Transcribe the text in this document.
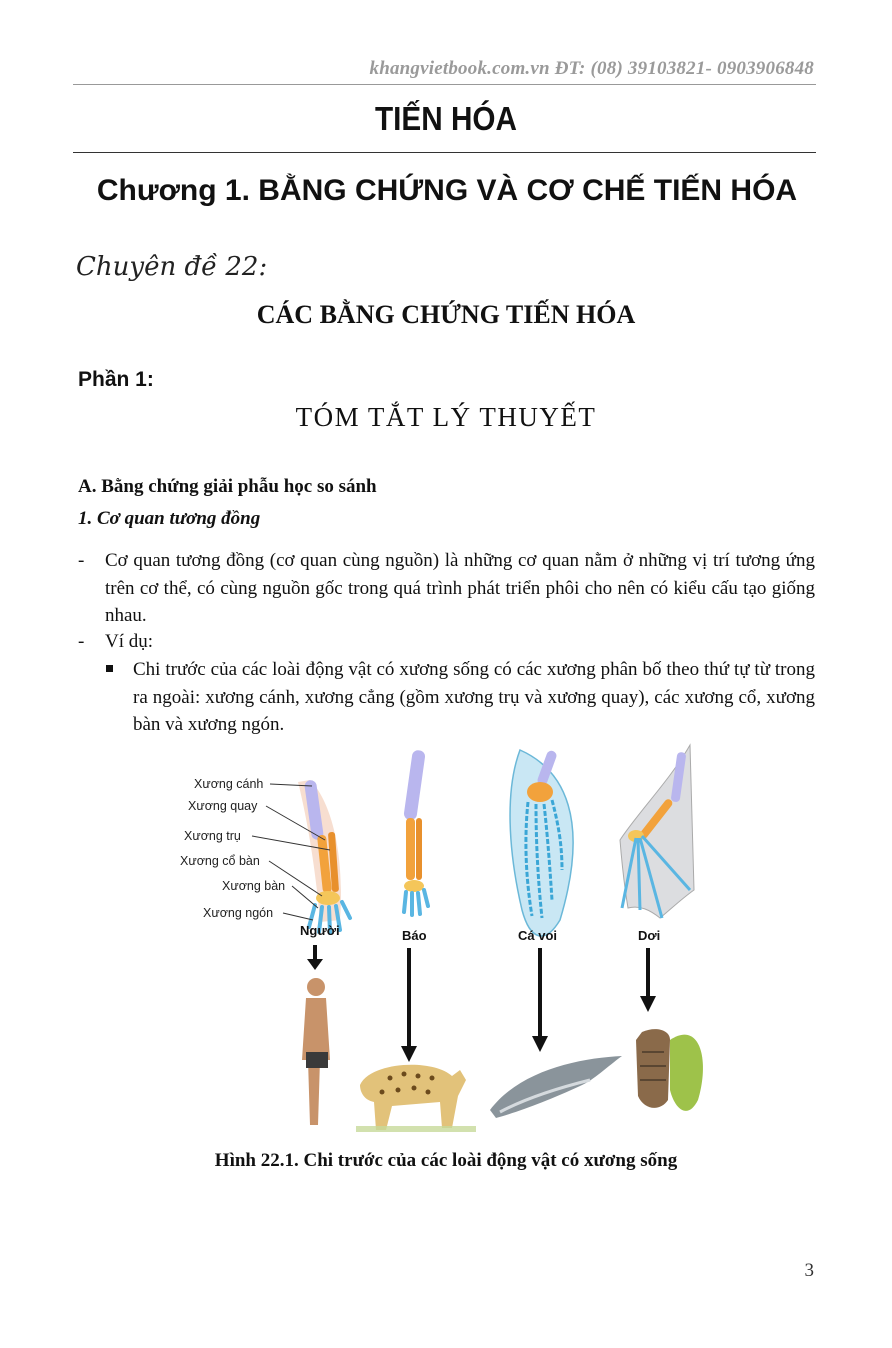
khangvietbook.com.vn ĐT: (08) 39103821- 0903906848
TIẾN HÓA
Chương 1. BẰNG CHỨNG VÀ CƠ CHẾ TIẾN HÓA
Chuyên đề 22:
CÁC BẰNG CHỨNG TIẾN HÓA
Phần 1:
TÓM TẮT LÝ THUYẾT
A. Bằng chứng giải phẫu học so sánh
1. Cơ quan tương đồng
- Cơ quan tương đồng (cơ quan cùng nguồn) là những cơ quan nằm ở những vị trí tương ứng trên cơ thể, có cùng nguồn gốc trong quá trình phát triển phôi cho nên có kiểu cấu tạo giống nhau.
- Ví dụ:
Chi trước của các loài động vật có xương sống có các xương phân bố theo thứ tự từ trong ra ngoài: xương cánh, xương cẳng (gồm xương trụ và xương quay), các xương cổ, xương bàn và xương ngón.
Xương cánh
Xương quay
Xương trụ
Xương cổ bàn
Xương bàn
Xương ngón
Người	Báo	Cá voi	Dơi
Hình 22.1. Chi trước của các loài động vật có xương sống
3
